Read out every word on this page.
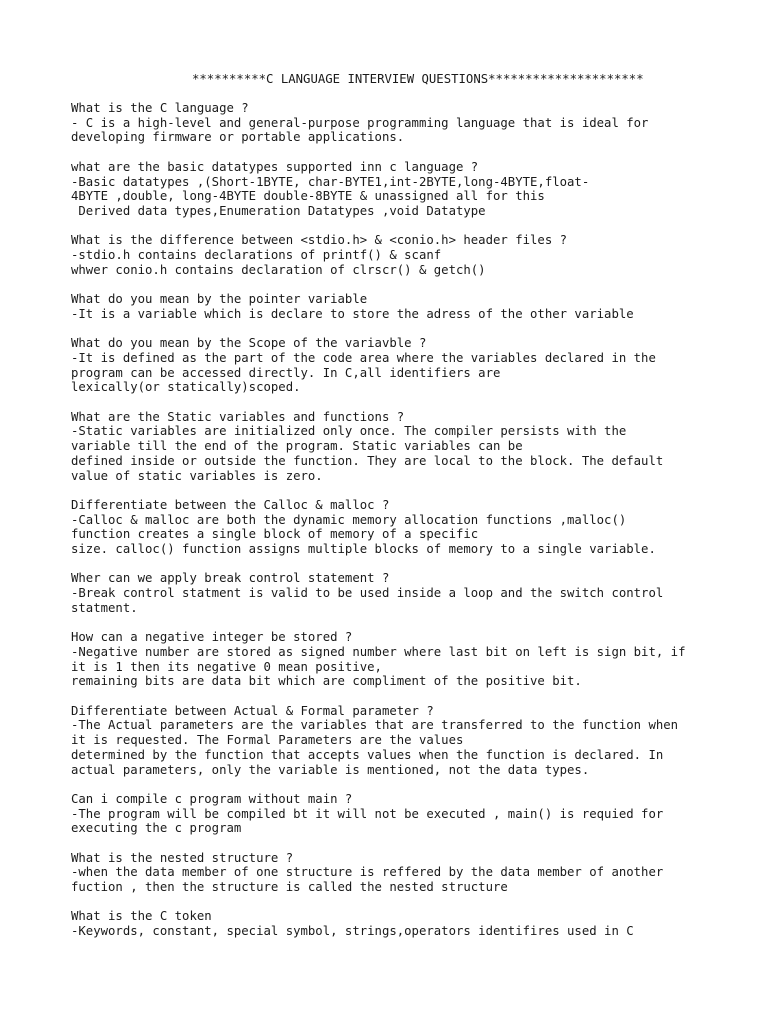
**********C LANGUAGE INTERVIEW QUESTIONS*********************
What is the C language ?
- C is a high-level and general-purpose programming language that is ideal for
developing firmware or portable applications.
what are the basic datatypes supported inn c language ?
-Basic datatypes ,(Short-1BYTE, char-BYTE1,int-2BYTE,long-4BYTE,float-
4BYTE ,double, long-4BYTE double-8BYTE & unassigned all for this
Derived data types,Enumeration Datatypes ,void Datatype
What is the difference between <stdio.h> & <conio.h> header files ?
-stdio.h contains declarations of printf() & scanf
whwer conio.h contains declaration of clrscr() & getch()
What do you mean by the pointer variable
-It is a variable which is declare to store the adress of the other variable
What do you mean by the Scope of the variavble ?
-It is defined as the part of the code area where the variables declared in the
program can be accessed directly. In C,all identifiers are
lexically(or statically)scoped.
What are the Static variables and functions ?
-Static variables are initialized only once. The compiler persists with the
variable till the end of the program. Static variables can be
defined inside or outside the function. They are local to the block. The default
value of static variables is zero.
Differentiate between the Calloc & malloc ?
-Calloc & malloc are both the dynamic memory allocation functions ,malloc()
function creates a single block of memory of a specific
size. calloc() function assigns multiple blocks of memory to a single variable.
Wher can we apply break control statement ?
-Break control statment is valid to be used inside a loop and the switch control
statment.
How can a negative integer be stored ?
-Negative number are stored as signed number where last bit on left is sign bit, if
it is 1 then its negative 0 mean positive,
remaining bits are data bit which are compliment of the positive bit.
Differentiate between Actual & Formal parameter ?
-The Actual parameters are the variables that are transferred to the function when
it is requested. The Formal Parameters are the values
determined by the function that accepts values when the function is declared. In
actual parameters, only the variable is mentioned, not the data types.
Can i compile c program without main ?
-The program will be compiled bt it will not be executed , main() is requied for
executing the c program
What is the nested structure ?
-when the data member of one structure is reffered by the data member of another
fuction , then the structure is called the nested structure
What is the C token
-Keywords, constant, special symbol, strings,operators identifires used in C
